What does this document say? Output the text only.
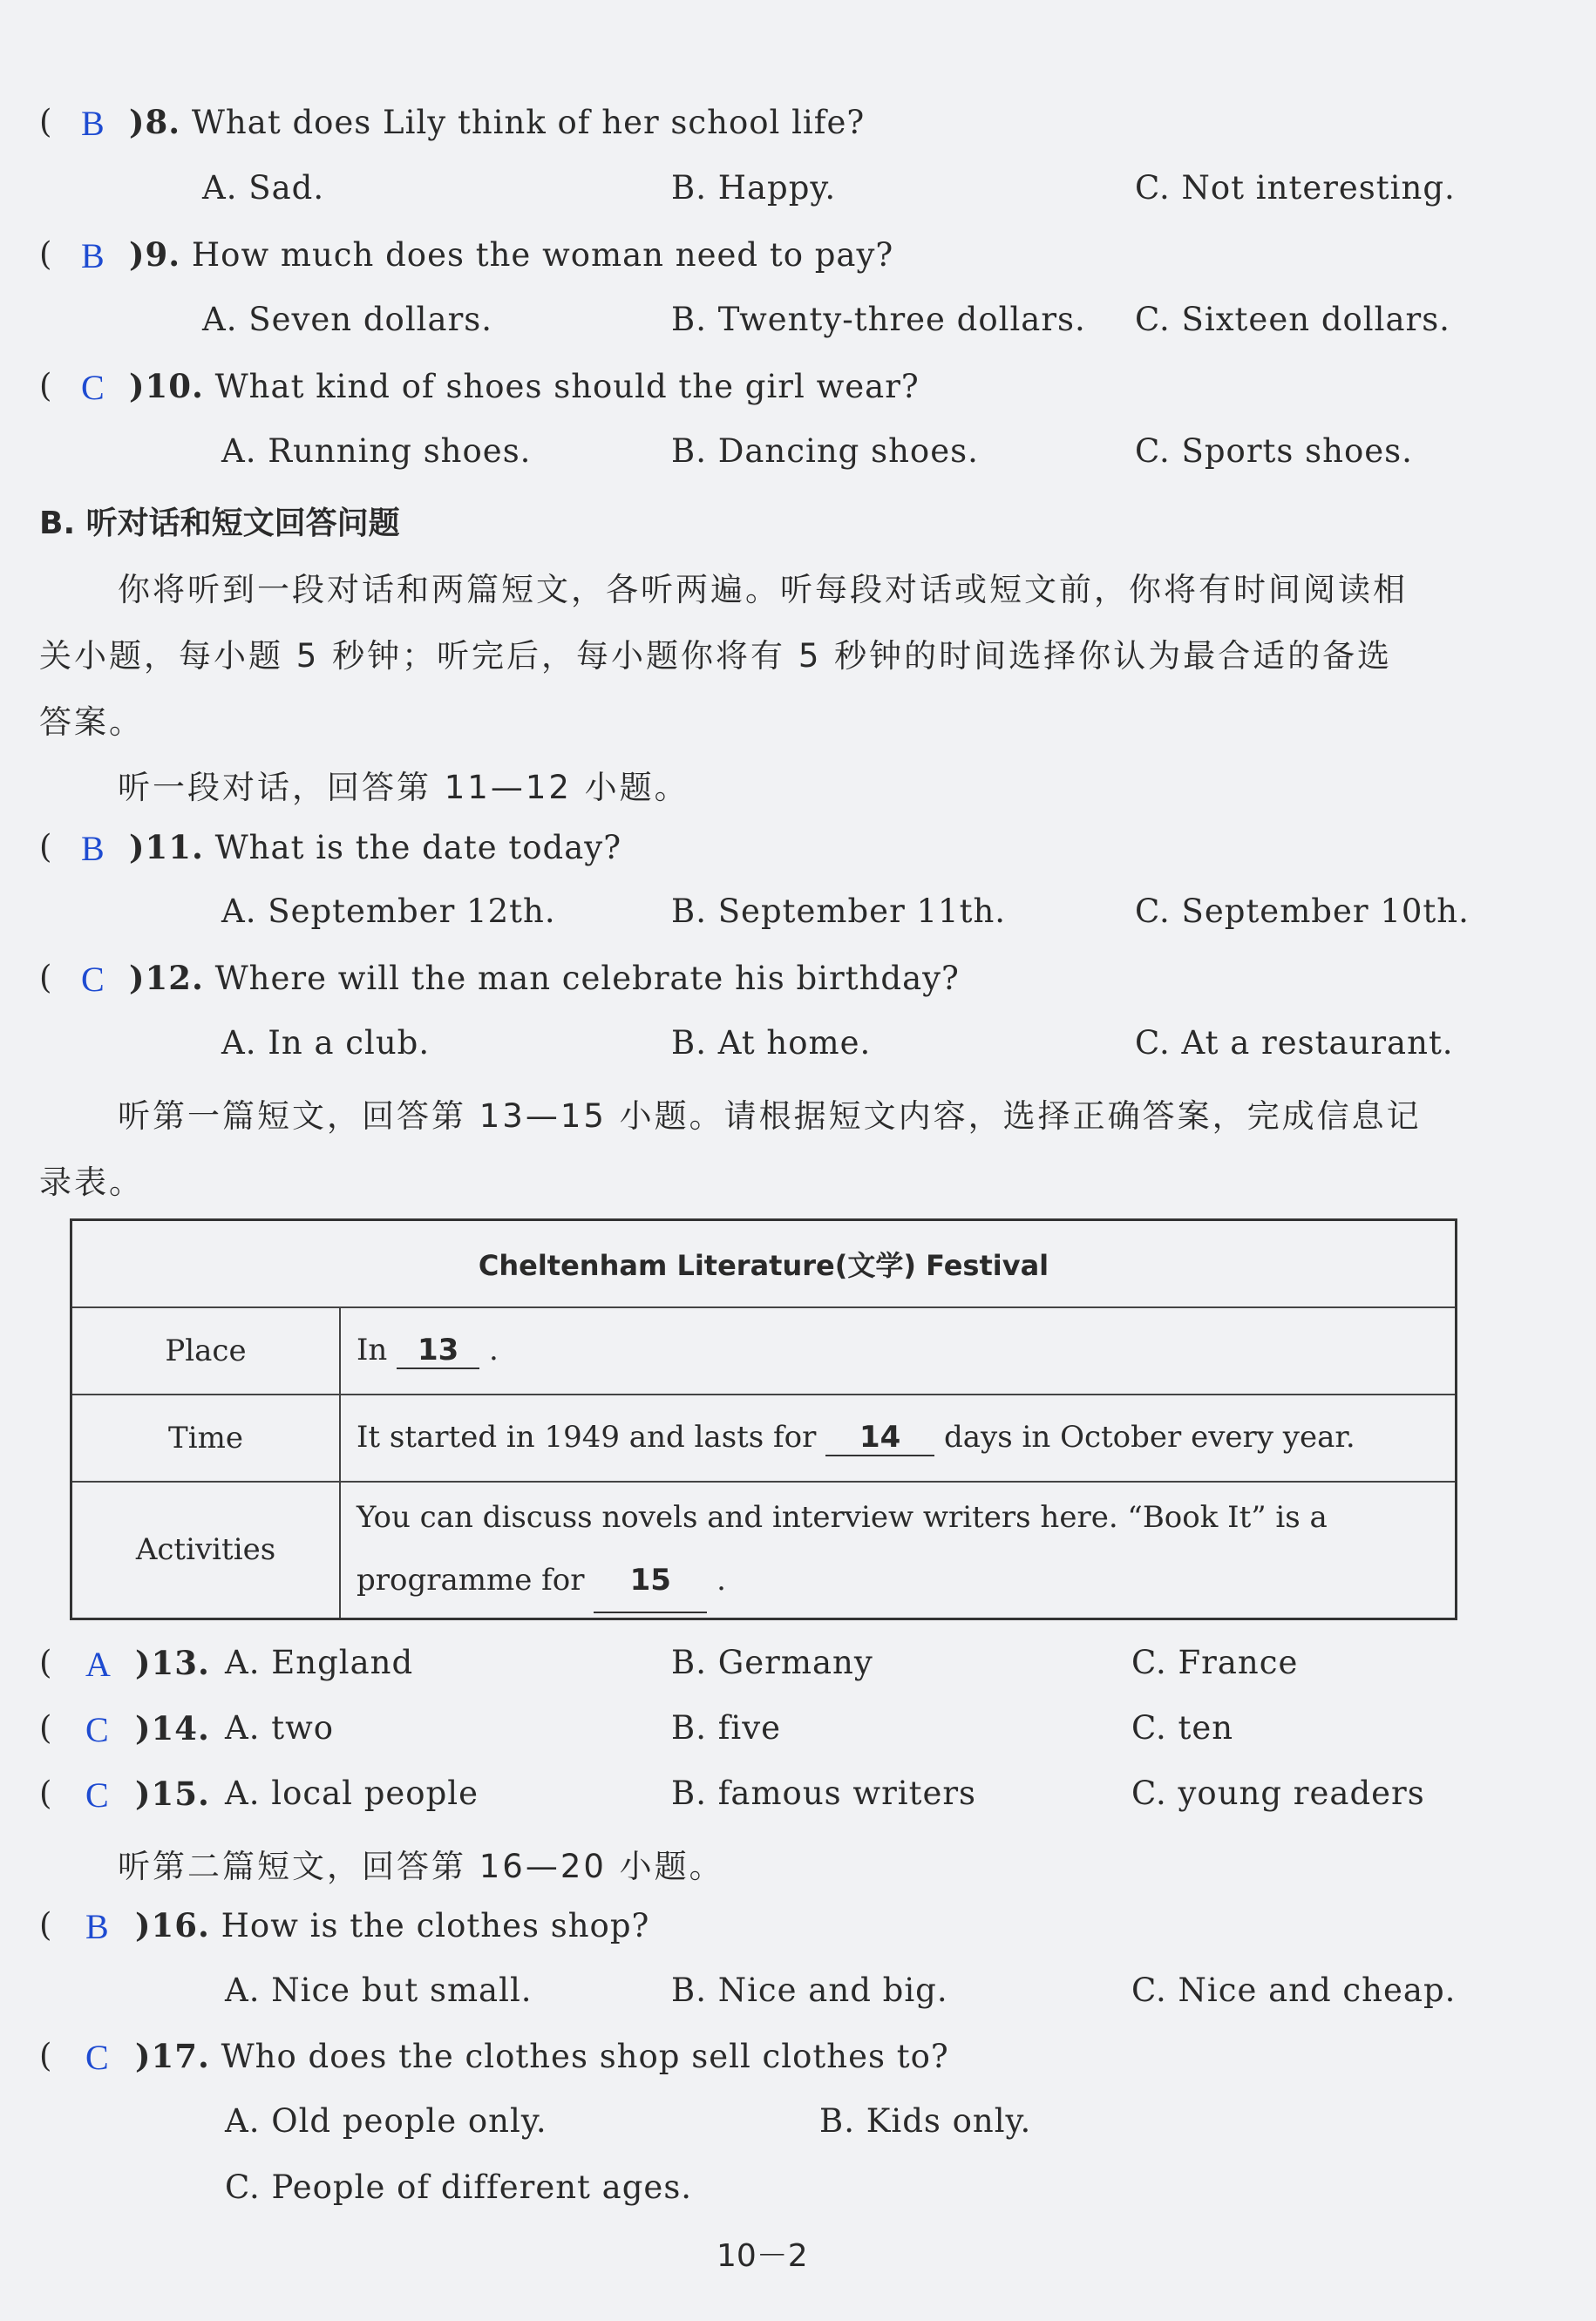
( B )8. What does Lily think of her school life?
A. Sad.	B. Happy.	C. Not interesting.
( B )9. How much does the woman need to pay?
A. Seven dollars.	B. Twenty-three dollars. C. Sixteen dollars.
( C )10. What kind of shoes should the girl wear?
A. Running shoes.	B. Dancing shoes.	C. Sports shoes.
B. 听对话和短文回答问题
你将听到一段对话和两篇短文，各听两遍。听每段对话或短文前，你将有时间阅读相
关小题，每小题 5 秒钟；听完后，每小题你将有 5 秒钟的时间选择你认为最合适的备选
答案。
听一段对话，回答第 11—12 小题。
( B )11. What is the date today?
A. September 12th.	B. September 11th.	C. September 10th.
( C )12. Where will the man celebrate his birthday?
A. In a club.	B. At home.	C. At a restaurant.
听第一篇短文，回答第 13—15 小题。请根据短文内容，选择正确答案，完成信息记
录表。
Cheltenham Literature(文学) Festival	
Place	In 13 .
Time	It started in 1949 and lasts for 14 days in October every year.
Activities	You can discuss novels and interview writers here. “Book It” is a
programme for 15 .
( A )13. A. England	B. Germany	C. France
( C )14. A. two	B. five	C. ten
( C )15. A. local people	B. famous writers	C. young readers
听第二篇短文，回答第 16—20 小题。
( B )16. How is the clothes shop?
A. Nice but small.	B. Nice and big.	C. Nice and cheap.
( C )17. Who does the clothes shop sell clothes to?
A. Old people only.	B. Kids only.
C. People of different ages.
10－2
